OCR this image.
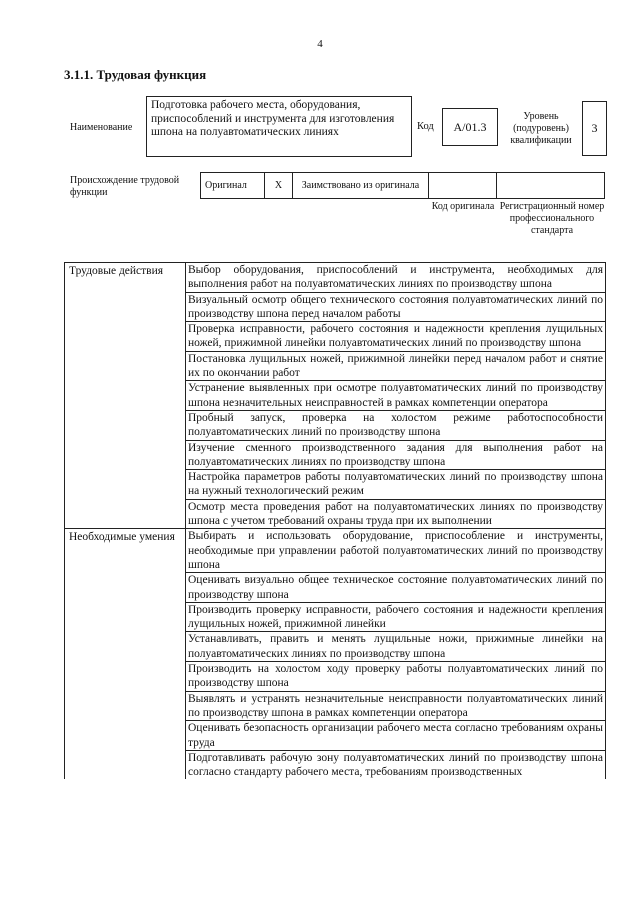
4
3.1.1. Трудовая функция
Наименование
Подготовка рабочего места, оборудования, приспособлений и инструмента для изготовления шпона на полуавтоматических линиях	Код	A/01.3
Уровень (подуровень) квалификации
3
Происхождение трудовой функции
Оригинал	X	Заимствовано из оригинала		
Код оригинала Регистрационный номер профессионального стандарта
Трудовые действия	Выбор оборудования, приспособлений и инструмента, необходимых для выполнения работ на полуавтоматических линиях по производству шпона
	Визуальный осмотр общего технического состояния полуавтоматических линий по производству шпона перед началом работы
	Проверка исправности, рабочего состояния и надежности крепления лущильных ножей, прижимной линейки полуавтоматических линий по производству шпона
	Постановка лущильных ножей, прижимной линейки перед началом работ и снятие их по окончании работ
	Устранение выявленных при осмотре полуавтоматических линий по производству шпона незначительных неисправностей в рамках компетенции оператора
	Пробный запуск, проверка на холостом режиме работоспособности полуавтоматических линий по производству шпона
	Изучение сменного производственного задания для выполнения работ на полуавтоматических линиях по производству шпона
	Настройка параметров работы полуавтоматических линий по производству шпона на нужный технологический режим
	Осмотр места проведения работ на полуавтоматических линиях по производству шпона с учетом требований охраны труда при их выполнении
Необходимые умения	Выбирать и использовать оборудование, приспособление и инструменты, необходимые при управлении работой полуавтоматических линий по производству шпона
	Оценивать визуально общее техническое состояние полуавтоматических линий по производству шпона
	Производить проверку исправности, рабочего состояния и надежности крепления лущильных ножей, прижимной линейки
	Устанавливать, править и менять лущильные ножи, прижимные линейки на полуавтоматических линиях по производству шпона
	Производить на холостом ходу проверку работы полуавтоматических линий по производству шпона
	Выявлять и устранять незначительные неисправности полуавтоматических линий по производству шпона в рамках компетенции оператора
	Оценивать безопасность организации рабочего места согласно требованиям охраны труда
	Подготавливать рабочую зону полуавтоматических линий по производству шпона согласно стандарту рабочего места, требованиям производственных
